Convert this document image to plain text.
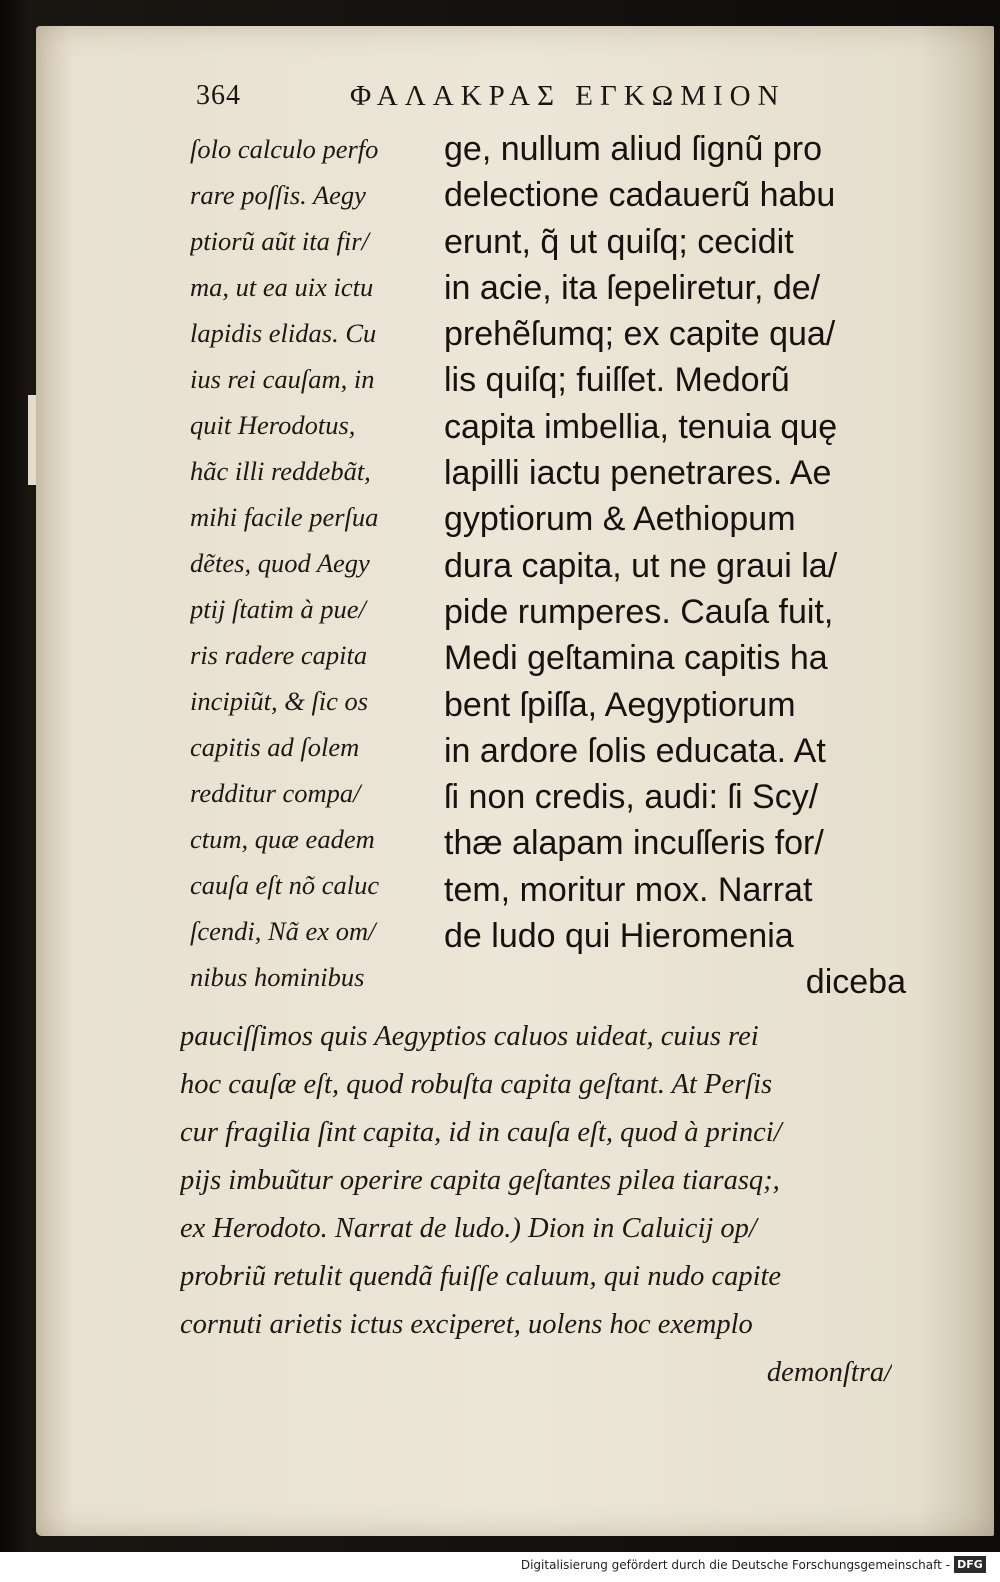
364	ΦΑΛΑΚΡΑΣ ΕΓΚΩΜΙΟΝ
ſolo calculo perfo
rare poſſis. Aegy
ptiorũ aũt ita fir/
ma, ut ea uix ictu
lapidis elidas. Cu
ius rei cauſam, in
quit Herodotus,
hãc illi reddebãt,
mihi facile perſua
dẽtes, quod Aegy
ptij ſtatim à pue/
ris radere capita
incipiũt, & ſic os
capitis ad ſolem
redditur compa/
ctum, quæ eadem
cauſa eſt nõ caluc
ſcendi, Nã ex om/
nibus hominibus
ge, nullum aliud ſignũ pro
delectione cadauerũ habu
erunt, q̃ ut quiſq; cecidit
in acie, ita ſepeliretur, de/
prehẽſumq; ex capite qua/
lis quiſq; fuiſſet. Medorũ
capita imbellia, tenuia quę
lapilli iactu penetrares. Ae
gyptiorum & Aethiopum
dura capita, ut ne graui la/
pide rumperes. Cauſa fuit,
Medi geſtamina capitis ha
bent ſpiſſa, Aegyptiorum
in ardore ſolis educata. At
ſi non credis, audi: ſi Scy/
thæ alapam incuſſeris for/
tem, moritur mox. Narrat
de ludo qui Hieromenia
diceba
pauciſſimos quis Aegyptios caluos uideat, cuius rei
hoc cauſæ eſt, quod robuſta capita geſtant. At Perſis
cur fragilia ſint capita, id in cauſa eſt, quod à princi/
pijs imbuũtur operire capita geſtantes pilea tiarasq;,
ex Herodoto. Narrat de ludo.) Dion in Caluicij op/
probriũ retulit quendã fuiſſe caluum, qui nudo capite
cornuti arietis ictus exciperet, uolens hoc exemplo
demonſtra/
Digitalisierung gefördert durch die Deutsche Forschungsgemeinschaft - DFG
